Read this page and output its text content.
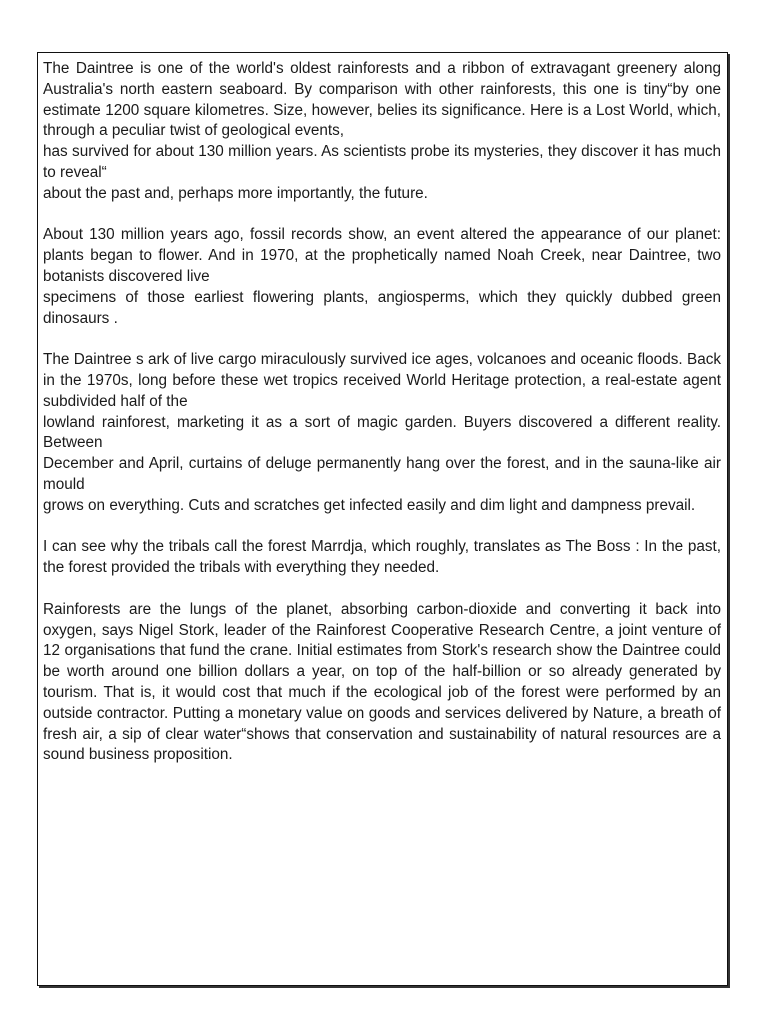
The Daintree is one of the world's oldest rainforests and a ribbon of extravagant greenery along Australia's north eastern seaboard. By comparison with other rainforests, this one is tiny“by one estimate 1200 square kilometres. Size, however, belies its significance. Here is a Lost World, which, through a peculiar twist of geological events,
has survived for about 130 million years. As scientists probe its mysteries, they discover it has much to reveal“
about the past and, perhaps more importantly, the future.

About 130 million years ago, fossil records show, an event altered the appearance of our planet: plants began to flower. And in 1970, at the prophetically named Noah Creek, near Daintree, two botanists discovered live
specimens of those earliest flowering plants, angiosperms, which they quickly dubbed green dinosaurs .

The Daintree s ark of live cargo miraculously survived ice ages, volcanoes and oceanic floods. Back in the 1970s, long before these wet tropics received World Heritage protection, a real-estate agent subdivided half of the
lowland rainforest, marketing it as a sort of magic garden. Buyers discovered a different reality. Between
December and April, curtains of deluge permanently hang over the forest, and in the sauna-like air mould
grows on everything. Cuts and scratches get infected easily and dim light and dampness prevail.

I can see why the tribals call the forest Marrdja, which roughly, translates as The Boss : In the past, the forest provided the tribals with everything they needed.

Rainforests are the lungs of the planet, absorbing carbon-dioxide and converting it back into oxygen, says Nigel Stork, leader of the Rainforest Cooperative Research Centre, a joint venture of 12 organisations that fund the crane. Initial estimates from Stork's research show the Daintree could be worth around one billion dollars a year, on top of the half-billion or so already generated by tourism. That is, it would cost that much if the ecological job of the forest were performed by an outside contractor. Putting a monetary value on goods and services delivered by Nature, a breath of fresh air, a sip of clear water“shows that conservation and sustainability of natural resources are a sound business proposition.
